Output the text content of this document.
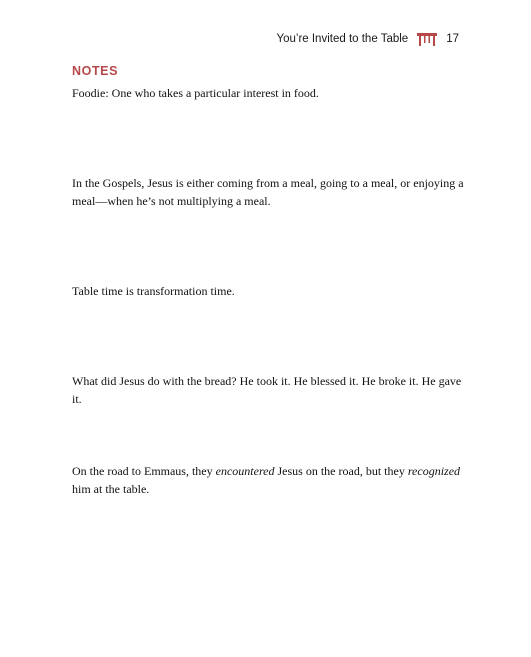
You’re Invited to the Table	17
NOTES

Foodie: One who takes a particular interest in food.

In the Gospels, Jesus is either coming from a meal, going to a meal, or enjoying a meal—when he’s not multiplying a meal.

Table time is transformation time.

What did Jesus do with the bread? He took it. He blessed it. He broke it. He gave it.

On the road to Emmaus, they encountered Jesus on the road, but they recognized him at the table.
